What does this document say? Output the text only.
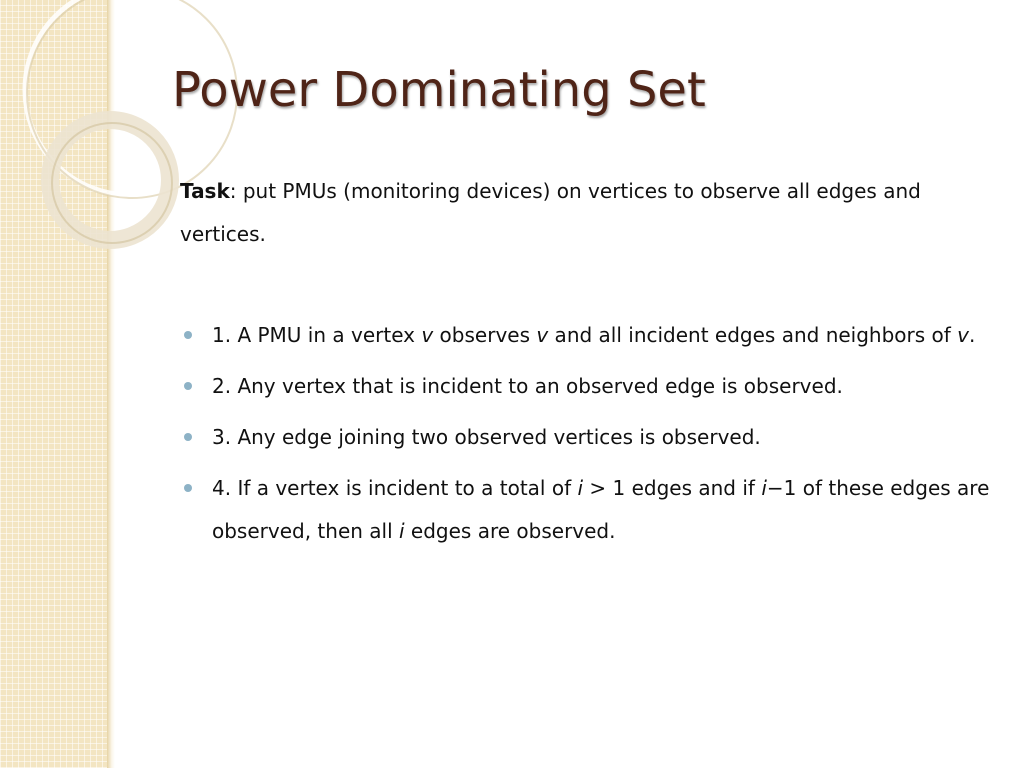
Power Dominating Set

Task: put PMUs (monitoring devices) on vertices to observe all edges and vertices.

1. A PMU in a vertex v observes v and all incident edges and neighbors of v.
2. Any vertex that is incident to an observed edge is observed.
3. Any edge joining two observed vertices is observed.
4. If a vertex is incident to a total of i > 1 edges and if i−1 of these edges are observed, then all i edges are observed.
